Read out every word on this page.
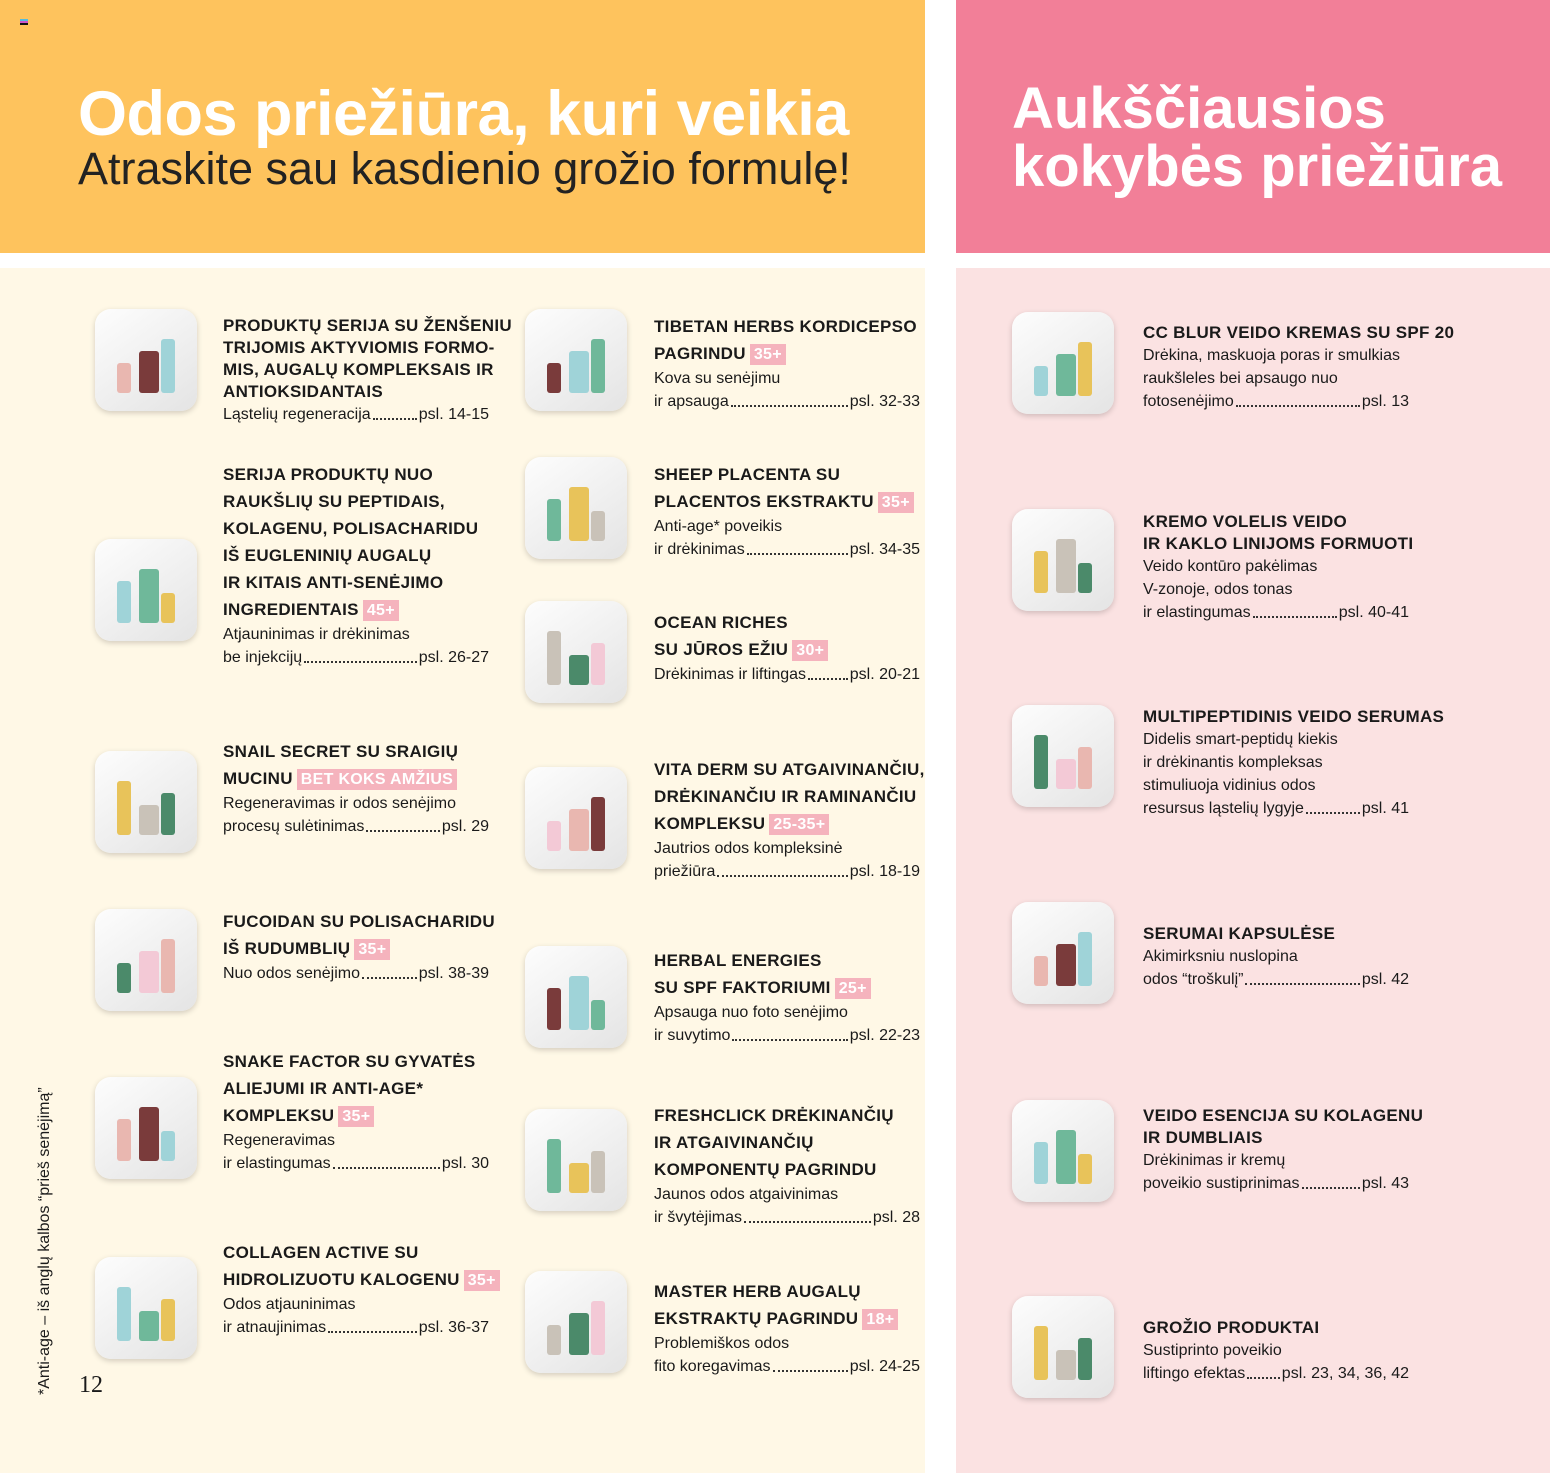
Odos priežiūra, kuri veikia
Atraskite sau kasdienio grožio formulę!
Aukščiausios
kokybės priežiūra
*Anti-age – iš anglų kalbos “prieš senėjimą” 12
PRODUKTŲ SERIJA SU ŽENŠENIU
TRIJOMIS AKTYVIOMIS FORMO-
MIS, AUGALŲ KOMPLEKSAIS IR
ANTIOKSIDANTAIS
Ląstelių regeneracija	psl. 14-15
SERIJA PRODUKTŲ NUO
RAUKŠLIŲ SU PEPTIDAIS,
KOLAGENU, POLISACHARIDU
IŠ EUGLENINIŲ AUGALŲ
IR KITAIS ANTI-SENĖJIMO
INGREDIENTAIS 45+
Atjauninimas ir drėkinimas
be injekcijų	psl. 26-27
SNAIL SECRET SU SRAIGIŲ
MUCINU BET KOKS AMŽIUS
Regeneravimas ir odos senėjimo
procesų sulėtinimas	psl. 29
FUCOIDAN SU POLISACHARIDU
IŠ RUDUMBLIŲ 35+
Nuo odos senėjimo	psl. 38-39
SNAKE FACTOR SU GYVATĖS
ALIEJUMI IR ANTI-AGE*
KOMPLEKSU 35+
Regeneravimas
ir elastingumas	psl. 30
COLLAGEN ACTIVE SU
HIDROLIZUOTU KALOGENU 35+
Odos atjauninimas
ir atnaujinimas	psl. 36-37
TIBETAN HERBS KORDICEPSO
PAGRINDU 35+
Kova su senėjimu
ir apsauga	psl. 32-33
SHEEP PLACENTA SU
PLACENTOS EKSTRAKTU 35+
Anti-age* poveikis
ir drėkinimas	psl. 34-35
OCEAN RICHES
SU JŪROS EŽIU 30+
Drėkinimas ir liftingas	psl. 20-21
VITA DERM SU ATGAIVINANČIU,
DRĖKINANČIU IR RAMINANČIU
KOMPLEKSU 25-35+
Jautrios odos kompleksinė
priežiūra	psl. 18-19
HERBAL ENERGIES
SU SPF FAKTORIUMI 25+
Apsauga nuo foto senėjimo
ir suvytimo	psl. 22-23
FRESHCLICK DRĖKINANČIŲ
IR ATGAIVINANČIŲ
KOMPONENTŲ PAGRINDU
Jaunos odos atgaivinimas
ir švytėjimas	psl. 28
MASTER HERB AUGALŲ
EKSTRAKTŲ PAGRINDU 18+
Problemiškos odos
fito koregavimas	psl. 24-25
CC BLUR VEIDO KREMAS SU SPF 20
Drėkina, maskuoja poras ir smulkias
raukšleles bei apsaugo nuo
fotosenėjimo	psl. 13
KREMO VOLELIS VEIDO
IR KAKLO LINIJOMS FORMUOTI
Veido kontūro pakėlimas
V-zonoje, odos tonas
ir elastingumas	psl. 40-41
MULTIPEPTIDINIS VEIDO SERUMAS
Didelis smart-peptidų kiekis
ir drėkinantis kompleksas
stimuliuoja vidinius odos
resursus ląstelių lygyje	psl. 41
SERUMAI KAPSULĖSE
Akimirksniu nuslopina
odos “troškulį”	psl. 42
VEIDO ESENCIJA SU KOLAGENU
IR DUMBLIAIS
Drėkinimas ir kremų
poveikio sustiprinimas	psl. 43
GROŽIO PRODUKTAI
Sustiprinto poveikio
liftingo efektas psl. 23, 34, 36, 42
